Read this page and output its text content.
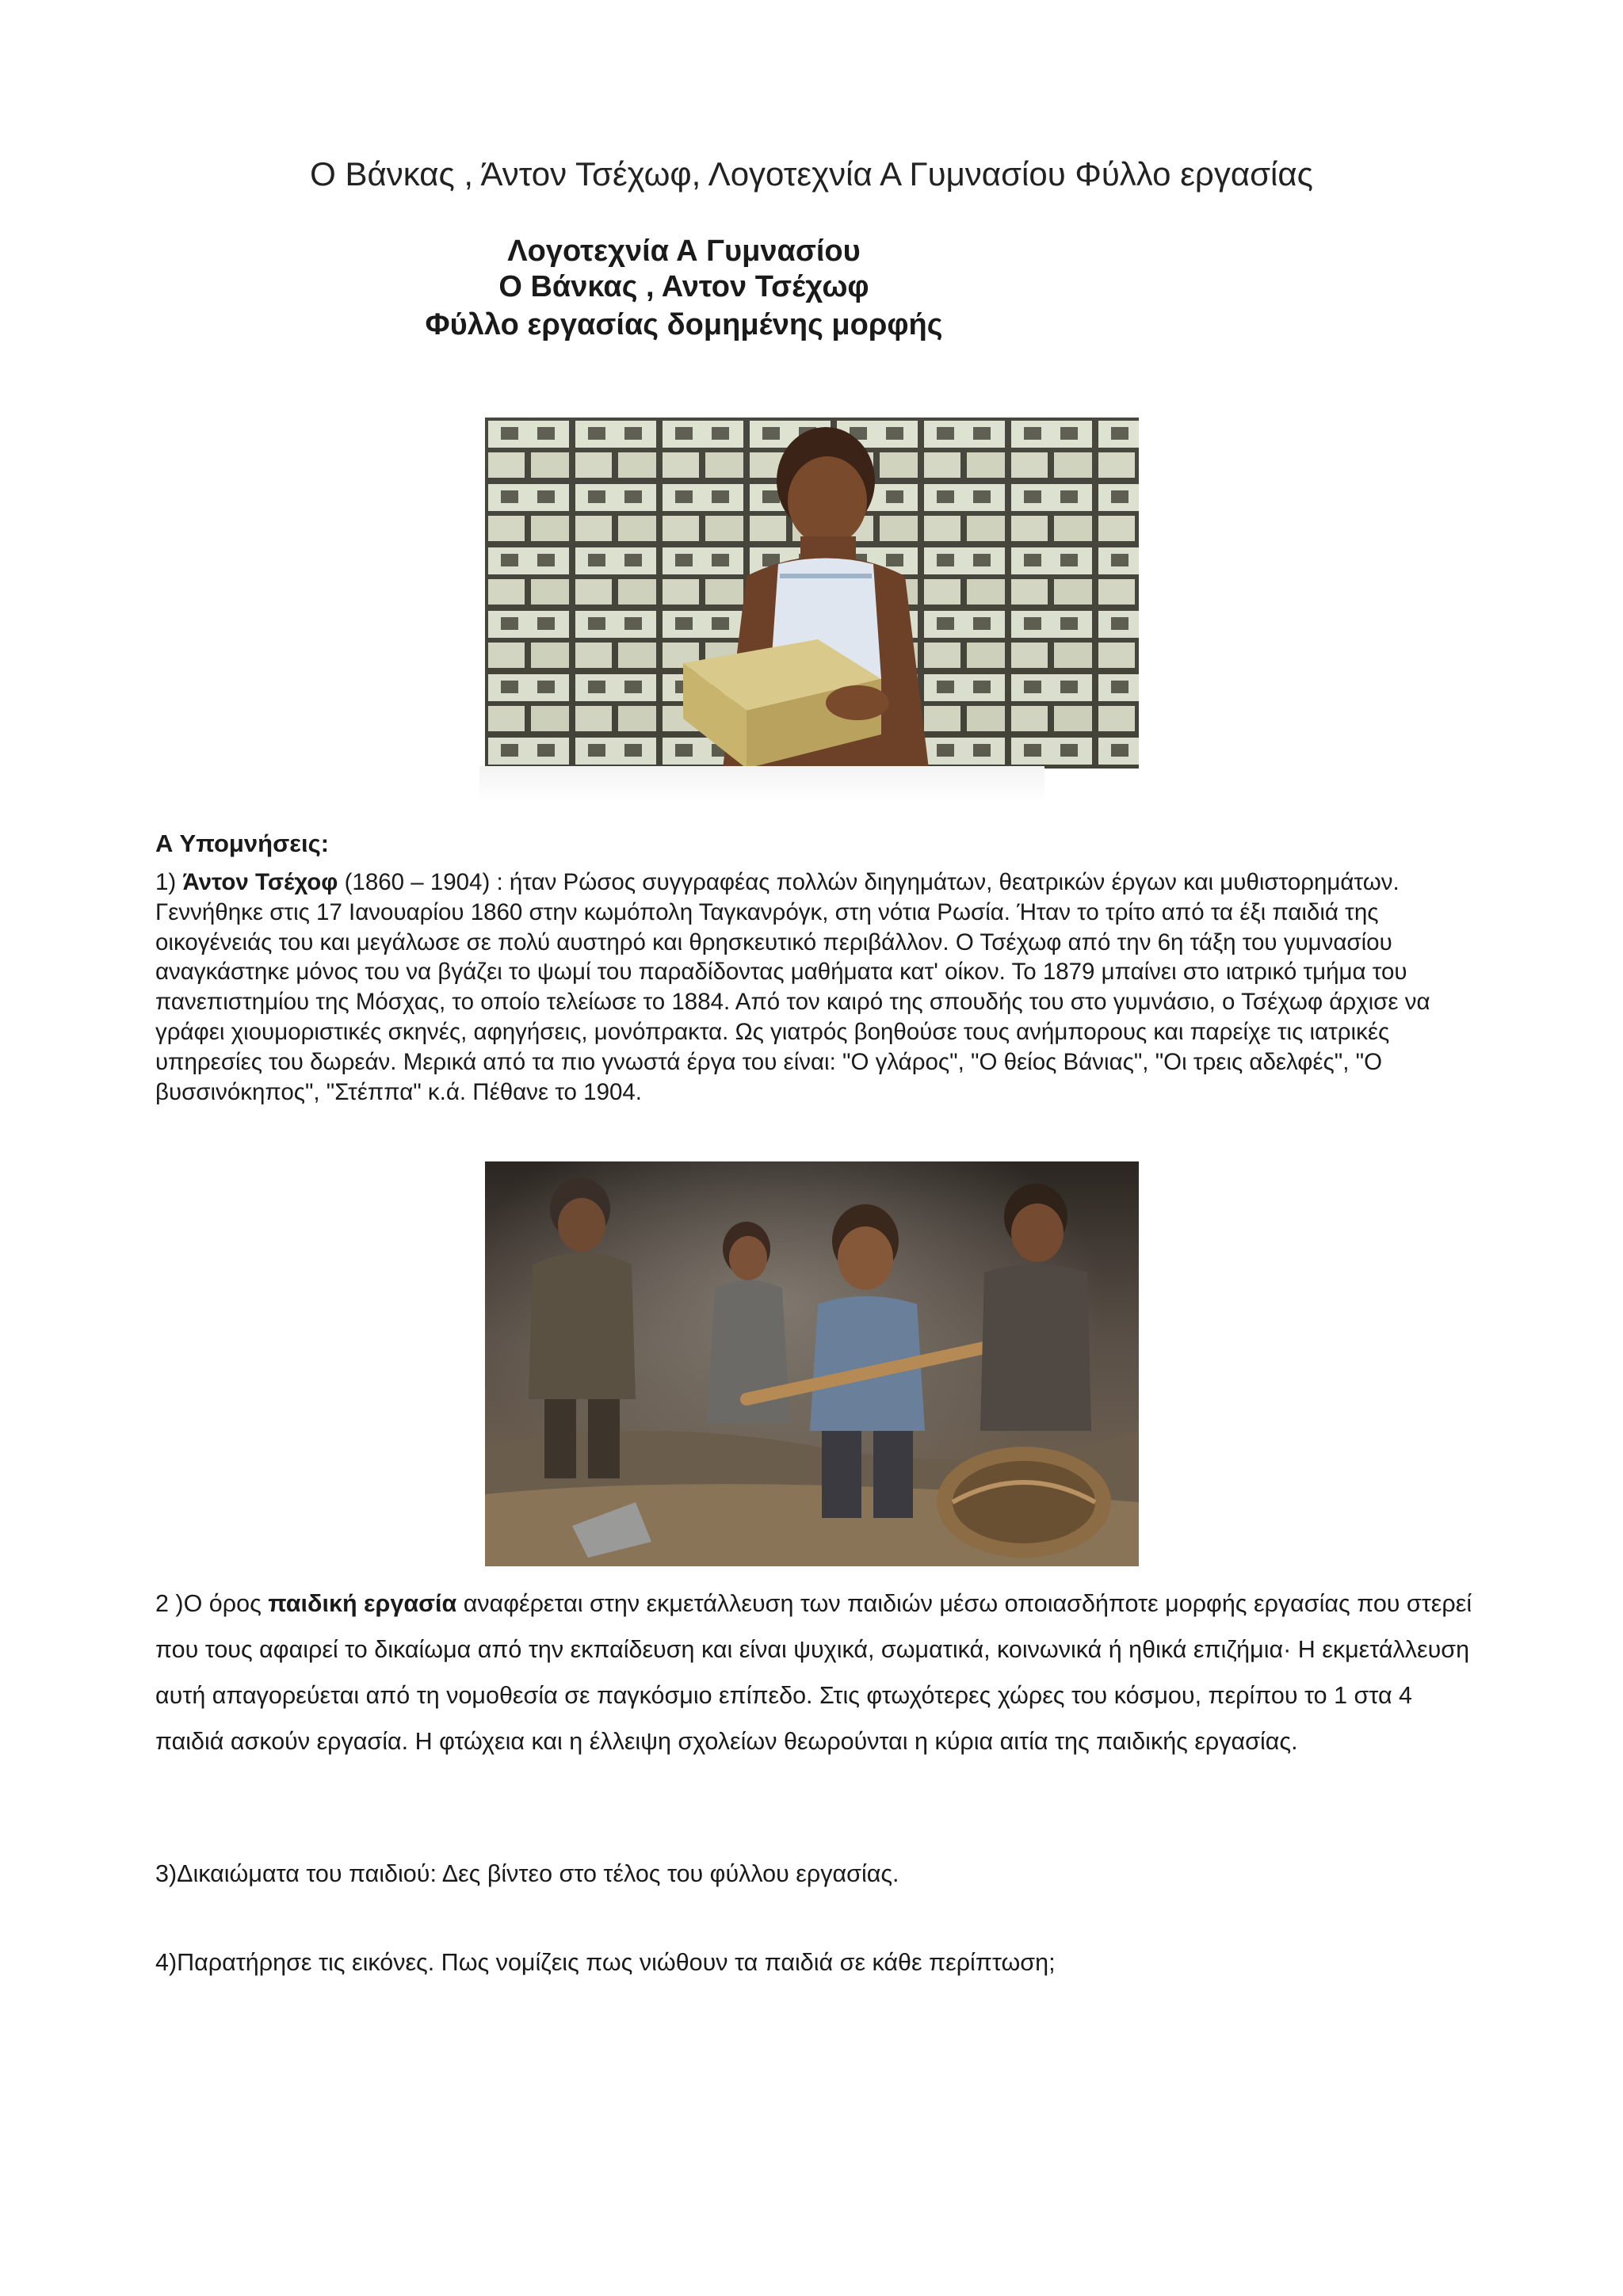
Ο Βάνκας , Άντον Τσέχωφ, Λογοτεχνία Α Γυμνασίου Φύλλο εργασίας
Λογοτεχνία Α Γυμνασίου
Ο Βάνκας , Αντον Τσέχωφ
Φύλλο εργασίας δομημένης μορφής
Α Υπομνήσεις:

1) Άντον Τσέχοφ (1860 – 1904) : ήταν Ρώσος συγγραφέας πολλών διηγημάτων, θεατρικών έργων και μυθιστορημάτων. Γεννήθηκε στις 17 Ιανουαρίου 1860 στην κωμόπολη Ταγκανρόγκ, στη νότια Ρωσία. Ήταν το τρίτο από τα έξι παιδιά της οικογένειάς του και μεγάλωσε σε πολύ αυστηρό και θρησκευτικό περιβάλλον. Ο Τσέχωφ από την 6η τάξη του γυμνασίου αναγκάστηκε μόνος του να βγάζει το ψωμί του παραδίδοντας μαθήματα κατ' οίκον. Το 1879 μπαίνει στο ιατρικό τμήμα του πανεπιστημίου της Μόσχας, το οποίο τελείωσε το 1884. Από τον καιρό της σπουδής του στο γυμνάσιο, ο Τσέχωφ άρχισε να γράφει χιουμοριστικές σκηνές, αφηγήσεις, μονόπρακτα. Ως γιατρός βοηθούσε τους ανήμπορους και παρείχε τις ιατρικές υπηρεσίες του δωρεάν. Μερικά από τα πιο γνωστά έργα του είναι: "Ο γλάρος", "Ο θείος Βάνιας", "Οι τρεις αδελφές", "Ο βυσσινόκηπος", "Στέππα" κ.ά. Πέθανε το 1904.

2 )Ο όρος παιδική εργασία αναφέρεται στην εκμετάλλευση των παιδιών μέσω οποιασδήποτε μορφής εργασίας που στερεί που τους αφαιρεί το δικαίωμα από την εκπαίδευση και είναι ψυχικά, σωματικά, κοινωνικά ή ηθικά επιζήμια· Η εκμετάλλευση αυτή απαγορεύεται από τη νομοθεσία σε παγκόσμιο επίπεδο. Στις φτωχότερες χώρες του κόσμου, περίπου το 1 στα 4 παιδιά ασκούν εργασία. Η φτώχεια και η έλλειψη σχολείων θεωρούνται η κύρια αιτία της παιδικής εργασίας.

3)Δικαιώματα του παιδιού: Δες βίντεο στο τέλος του φύλλου εργασίας.
4)Παρατήρησε τις εικόνες. Πως νομίζεις πως νιώθουν τα παιδιά σε κάθε περίπτωση;
